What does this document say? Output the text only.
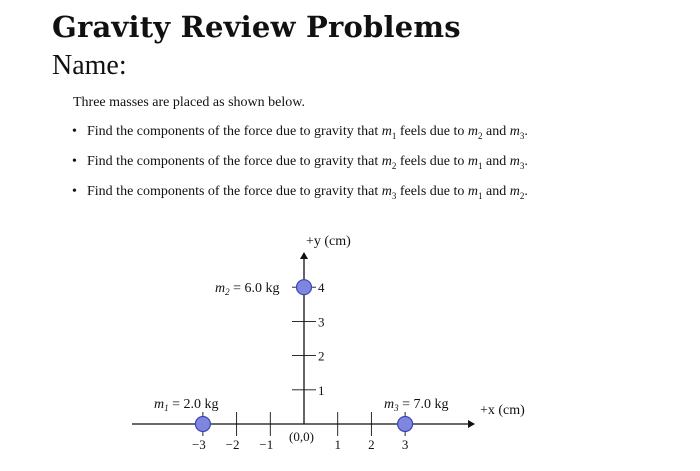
Gravity Review Problems
Name:

Three masses are placed as shown below.

• Find the components of the force due to gravity that $m_1$ feels due to $m_2$ and $m_3$.
• Find the components of the force due to gravity that $m_2$ feels due to $m_1$ and $m_3$.
• Find the components of the force due to gravity that $m_3$ feels due to $m_1$ and $m_2$.
+y (cm)
+x (cm)
(0,0)
−3 −2 −1	1 2 3
1
2
3
4
$m_1 = 2.0$ kg
$m_2 = 6.0$ kg
$m_3 = 7.0$ kg
